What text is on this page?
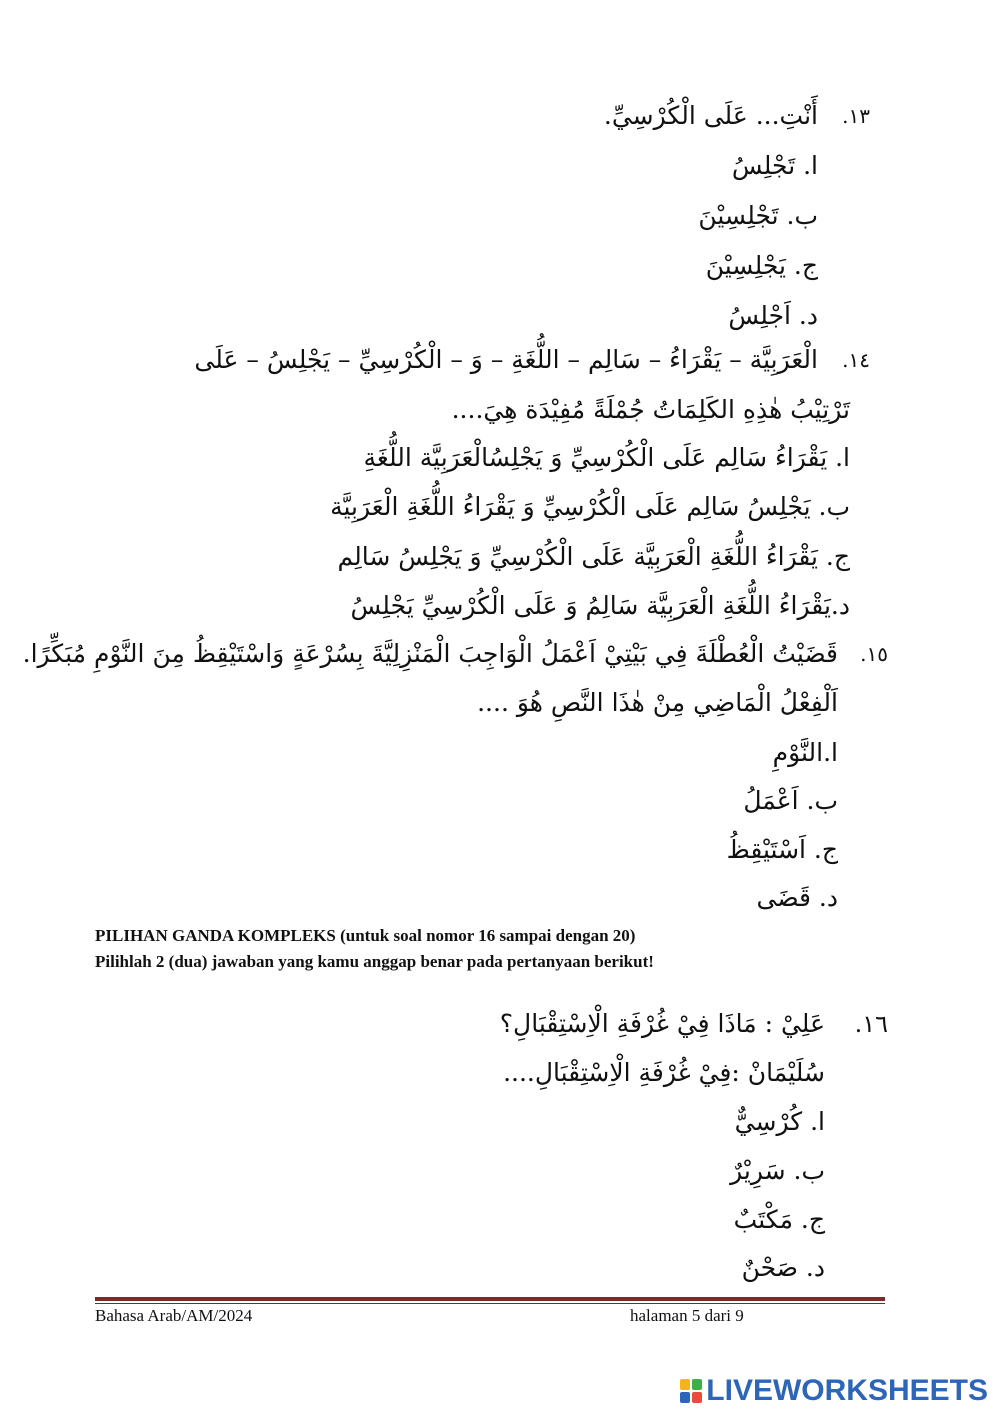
١٣.
أَنْتِ... عَلَى الْكُرْسِيِّ.
ا. تَجْلِسُ
ب. تَجْلِسِيْنَ
ج. يَجْلِسِيْنَ
د. اَجْلِسُ
١٤.
الْعَرَبِيَّة – يَقْرَاءُ – سَالِم – اللُّغَةِ – وَ – الْكُرْسِيِّ – يَجْلِسُ – عَلَى
تَرْتِيْبُ هٰذِهِ الكَلِمَاتُ جُمْلَةً مُفِيْدَة هِيَ....
ا. يَقْرَاءُ سَالِم عَلَى الْكُرْسِيِّ وَ يَجْلِسُالْعَرَبِيَّة اللُّغَةِ
ب. يَجْلِسُ سَالِم عَلَى الْكُرْسِيِّ وَ يَقْرَاءُ اللُّغَةِ الْعَرَبِيَّة
ج. يَقْرَاءُ اللُّغَةِ الْعَرَبِيَّة عَلَى الْكُرْسِيِّ وَ يَجْلِسُ سَالِم
د.يَقْرَاءُ اللُّغَةِ الْعَرَبِيَّة سَالِمُ وَ عَلَى الْكُرْسِيِّ يَجْلِسُ
١٥.
قَضَيْتُ الْعُطْلَةَ فِي بَيْتِيْ اَعْمَلُ الْوَاجِبَ الْمَنْزِلِيَّةَ بِسُرْعَةٍ وَاسْتَيْقِظُ مِنَ النَّوْمِ مُبَكِّرًا.
اَلْفِعْلُ الْمَاضِي مِنْ هٰذَا النَّصِ هُوَ ....
ا.النَّوْمِ
ب. اَعْمَلُ
ج. اَسْتَيْقِظُ
د. قَضَى
PILIHAN GANDA KOMPLEKS (untuk soal nomor 16 sampai dengan 20)
Pilihlah 2 (dua) jawaban yang kamu anggap benar pada pertanyaan berikut!
١٦.
عَلِيْ : مَاذَا فِيْ غُرْفَةِ الْاِسْتِقْبَالِ؟
سُلَيْمَانْ :فِيْ غُرْفَةِ الْاِسْتِقْبَالِ....
ا. كُرْسِيٌّ
ب. سَرِيْرٌ
ج. مَكْتَبٌ
د. صَحْنٌ
Bahasa Arab/AM/2024	halaman 5 dari 9
LIVEWORKSHEETS
